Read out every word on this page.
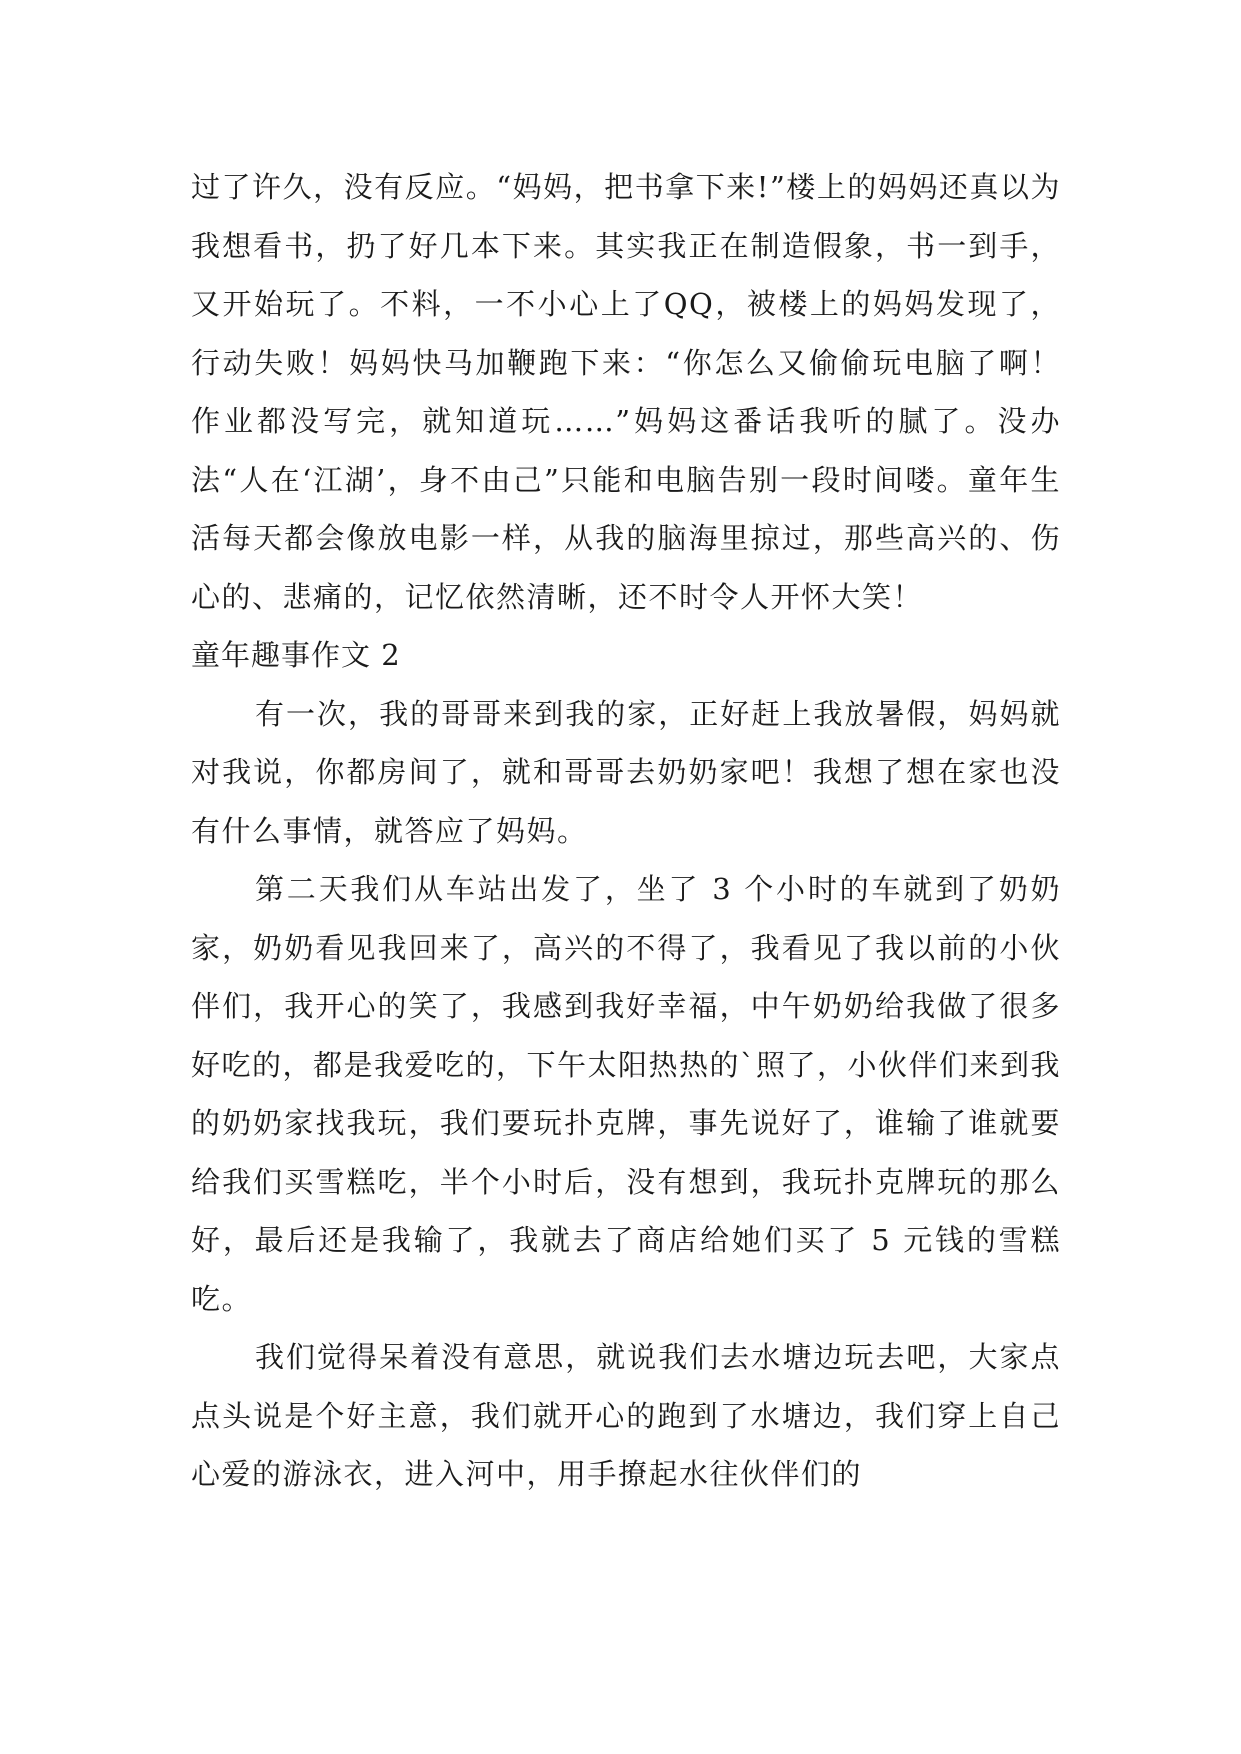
过了许久，没有反应。“妈妈，把书拿下来!”楼上的妈妈还真以为我想看书，扔了好几本下来。其实我正在制造假象，书一到手，又开始玩了。不料，一不小心上了QQ，被楼上的妈妈发现了，行动失败！妈妈快马加鞭跑下来：“你怎么又偷偷玩电脑了啊！作业都没写完，就知道玩……”妈妈这番话我听的腻了。没办法“人在‘江湖’，身不由己”只能和电脑告别一段时间喽。童年生活每天都会像放电影一样，从我的脑海里掠过，那些高兴的、伤心的、悲痛的，记忆依然清晰，还不时令人开怀大笑！

童年趣事作文 2

有一次，我的哥哥来到我的家，正好赶上我放暑假，妈妈就对我说，你都房间了，就和哥哥去奶奶家吧！我想了想在家也没有什么事情，就答应了妈妈。

第二天我们从车站出发了，坐了 3 个小时的车就到了奶奶家，奶奶看见我回来了，高兴的不得了，我看见了我以前的小伙伴们，我开心的笑了，我感到我好幸福，中午奶奶给我做了很多好吃的，都是我爱吃的，下午太阳热热的`照了，小伙伴们来到我的奶奶家找我玩，我们要玩扑克牌，事先说好了，谁输了谁就要给我们买雪糕吃，半个小时后，没有想到，我玩扑克牌玩的那么好，最后还是我输了，我就去了商店给她们买了 5 元钱的雪糕吃。

我们觉得呆着没有意思，就说我们去水塘边玩去吧，大家点点头说是个好主意，我们就开心的跑到了水塘边，我们穿上自己心爱的游泳衣，进入河中，用手撩起水往伙伴们的
